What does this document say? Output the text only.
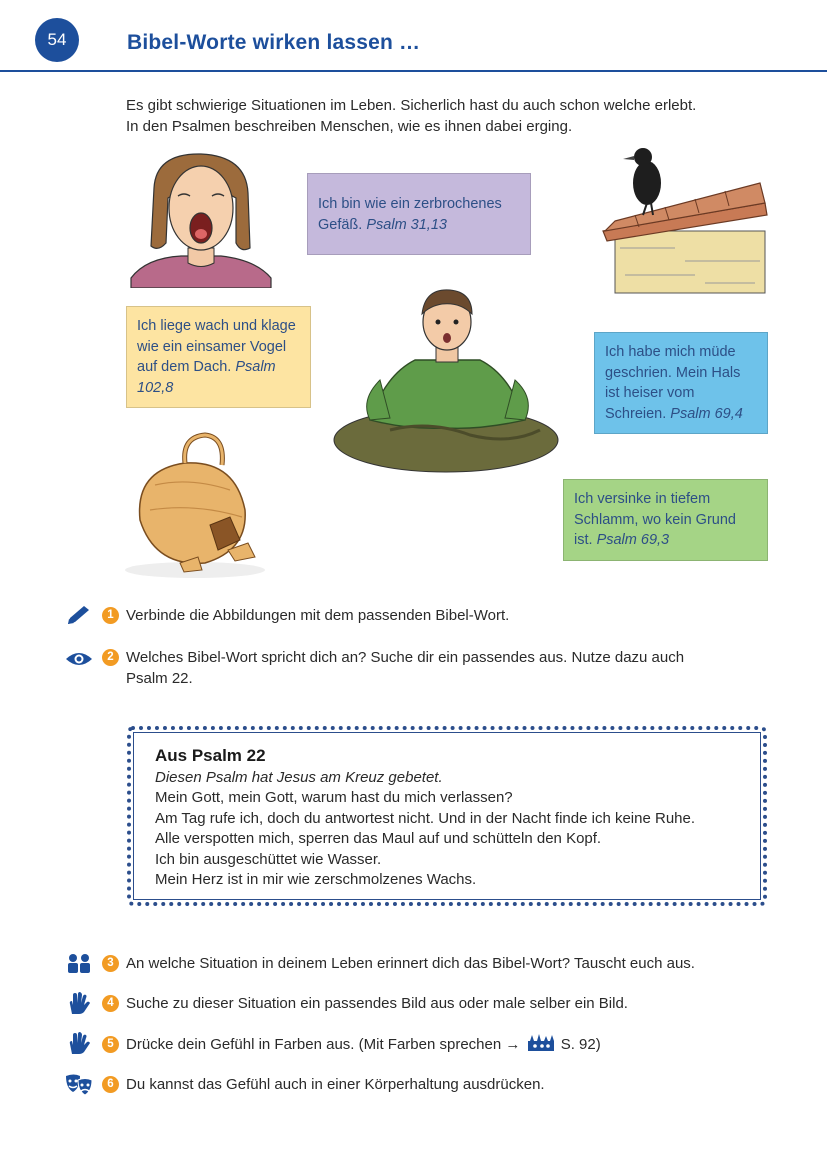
54	Bibel-Worte wirken lassen …

Es gibt schwierige Situationen im Leben. Sicherlich hast du auch schon welche erlebt.

In den Psalmen beschreiben Menschen, wie es ihnen dabei erging.

Ich bin wie ein zerbrochenes Gefäß. Psalm 31,13
Ich liege wach und klage wie ein einsamer Vogel auf dem Dach. Psalm 102,8
Ich habe mich müde geschrien. Mein Hals ist heiser vom Schreien. Psalm 69,4
Ich versinke in tiefem Schlamm, wo kein Grund ist. Psalm 69,3
1 Verbinde die Abbildungen mit dem passenden Bibel-Wort.
2 Welches Bibel-Wort spricht dich an? Suche dir ein passendes aus. Nutze dazu auch Psalm 22.
Aus Psalm 22

Diesen Psalm hat Jesus am Kreuz gebetet.

Mein Gott, mein Gott, warum hast du mich verlassen?

Am Tag rufe ich, doch du antwortest nicht. Und in der Nacht finde ich keine Ruhe.

Alle verspotten mich, sperren das Maul auf und schütteln den Kopf.

Ich bin ausgeschüttet wie Wasser.

Mein Herz ist in mir wie zerschmolzenes Wachs.

3 An welche Situation in deinem Leben erinnert dich das Bibel-Wort? Tauscht euch aus.
4 Suche zu dieser Situation ein passendes Bild aus oder male selber ein Bild.
5 Drücke dein Gefühl in Farben aus. (Mit Farben sprechen →	S. 92)
6 Du kannst das Gefühl auch in einer Körperhaltung ausdrücken.
